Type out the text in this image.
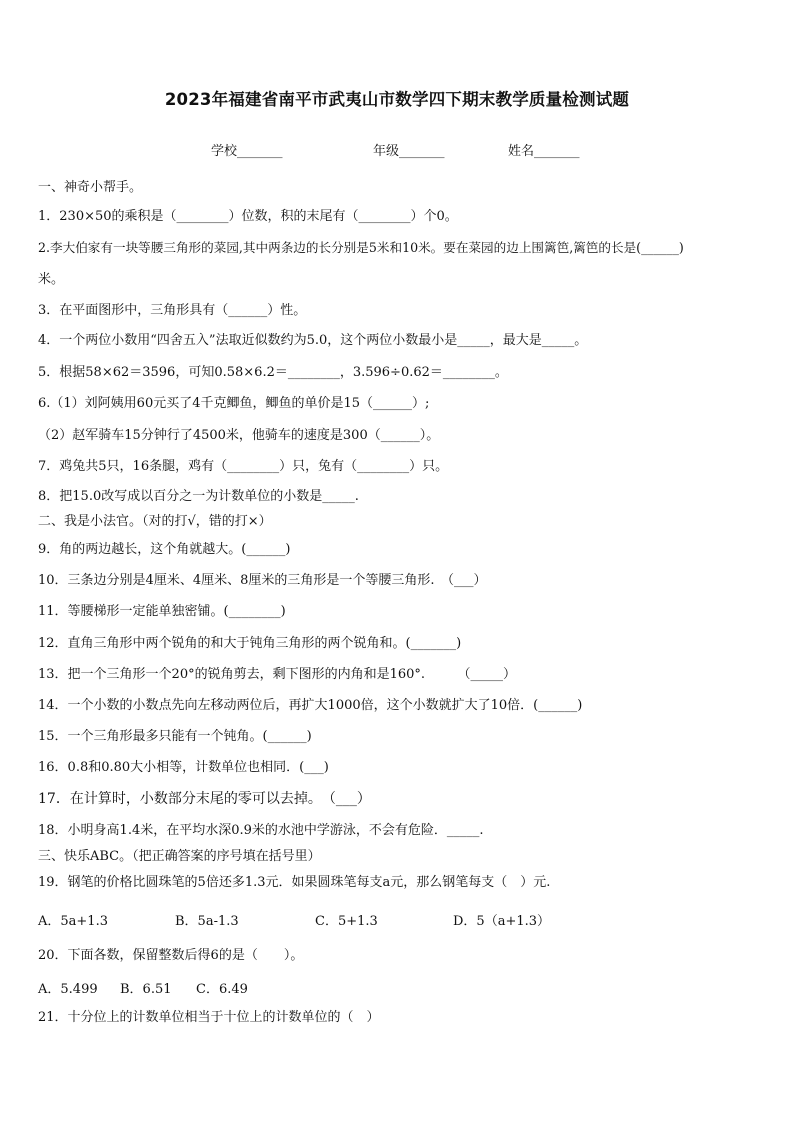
2023年福建省南平市武夷山市数学四下期末教学质量检测试题
学校_______	年级_______	姓名_______
一、神奇小帮手。
1．230×50的乘积是（________）位数，积的末尾有（________）个0。
2.李大伯家有一块等腰三角形的菜园,其中两条边的长分别是5米和10米。要在菜园的边上围篱笆,篱笆的长是(______)
米。
3．在平面图形中，三角形具有（______）性。
4．一个两位小数用“四舍五入”法取近似数约为5.0，这个两位小数最小是_____，最大是_____。
5．根据58×62＝3596，可知0.58×6.2＝________，3.596÷0.62＝________。
6.（1）刘阿姨用60元买了4千克鲫鱼，鲫鱼的单价是15（______）;
（2）赵军骑车15分钟行了4500米，他骑车的速度是300（______）。
7．鸡兔共5只，16条腿，鸡有（________）只，兔有（________）只。
8．把15.0改写成以百分之一为计数单位的小数是_____.
二、我是小法官。（对的打√，错的打×）
9．角的两边越长，这个角就越大。(______)
10．三条边分别是4厘米、4厘米、8厘米的三角形是一个等腰三角形.　（___）
11．等腰梯形一定能单独密铺。(________)
12．直角三角形中两个锐角的和大于钝角三角形的两个锐角和。(_______)
13．把一个三角形一个20°的锐角剪去，剩下图形的内角和是160°.　　　（_____）
14．一个小数的小数点先向左移动两位后，再扩大1000倍，这个小数就扩大了10倍．(______)
15．一个三角形最多只能有一个钝角。(______)
16．0.8和0.80大小相等，计数单位也相同．(___)
17．在计算时，小数部分末尾的零可以去掉。　（___）
18．小明身高1.4米，在平均水深0.9米的水池中学游泳，不会有危险．_____.
三、快乐ABC。（把正确答案的序号填在括号里）
19．钢笔的价格比圆珠笔的5倍还多1.3元．如果圆珠笔每支a元，那么钢笔每支（　）元.
A．5a+1.3	B．5a-1.3	C．5+1.3	D．5（a+1.3）
20．下面各数，保留整数后得6的是（　　）。
A．5.499 B．6.51 C．6.49
21．十分位上的计数单位相当于十位上的计数单位的（　）
